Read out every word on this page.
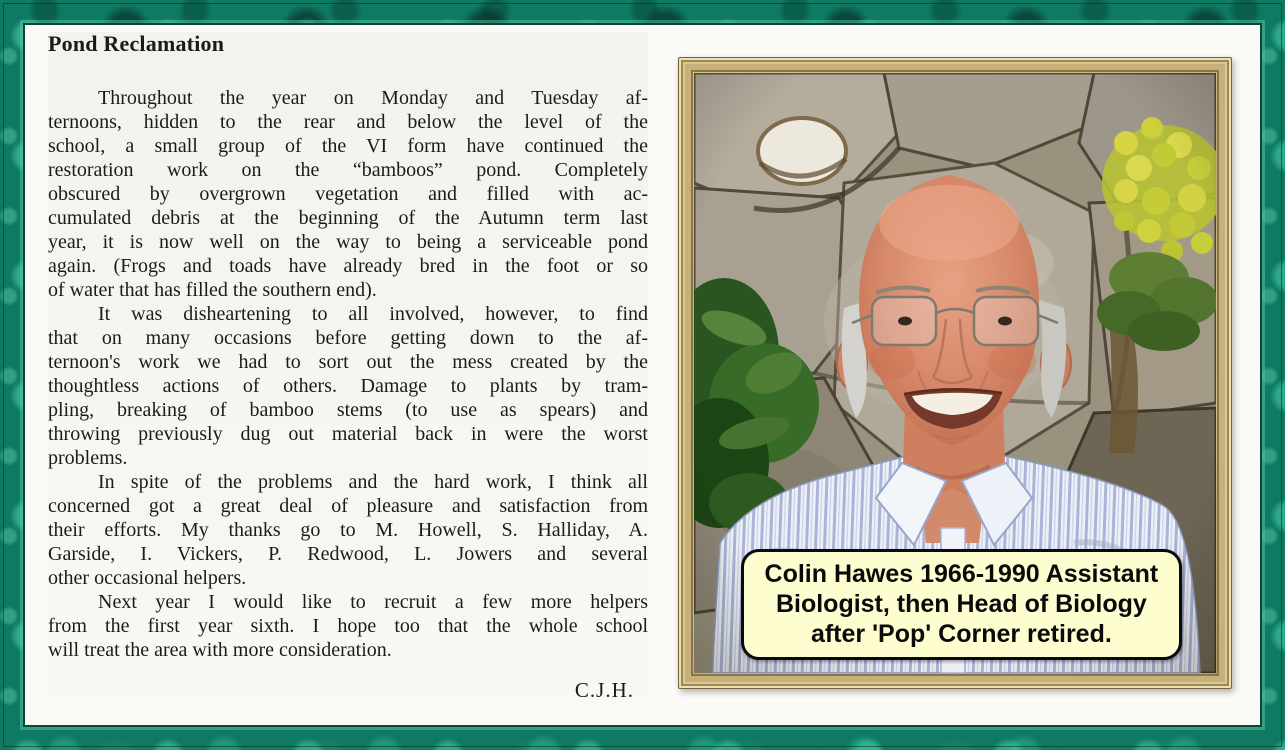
Pond Reclamation
Throughout the year on Monday and Tuesday af-
ternoons, hidden to the rear and below the level of the
school, a small group of the VI form have continued the
restoration work on the “bamboos” pond. Completely
obscured by overgrown vegetation and filled with ac-
cumulated debris at the beginning of the Autumn term last
year, it is now well on the way to being a serviceable pond
again. (Frogs and toads have already bred in the foot or so
of water that has filled the southern end).
It was disheartening to all involved, however, to find
that on many occasions before getting down to the af-
ternoon's work we had to sort out the mess created by the
thoughtless actions of others. Damage to plants by tram-
pling, breaking of bamboo stems (to use as spears) and
throwing previously dug out material back in were the worst
problems.
In spite of the problems and the hard work, I think all
concerned got a great deal of pleasure and satisfaction from
their efforts. My thanks go to M. Howell, S. Halliday, A.
Garside, I. Vickers, P. Redwood, L. Jowers and several
other occasional helpers.
Next year I would like to recruit a few more helpers
from the first year sixth. I hope too that the whole school
will treat the area with more consideration.
C.J.H.
Colin Hawes 1966-1990 Assistant
Biologist, then Head of Biology
after 'Pop' Corner retired.
